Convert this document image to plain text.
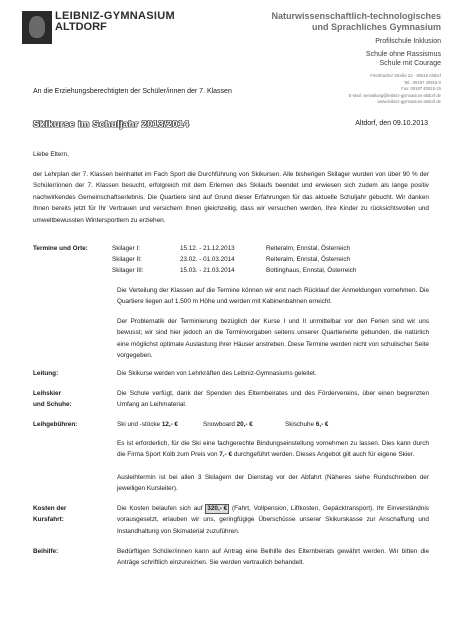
LEIBNIZ-GYMNASIUM
ALTDORF
Naturwissenschaftlich-technologisches
und Sprachliches Gymnasium
Profilschule Inklusion
Schule ohne Rassismus
Schule mit Courage
Fischbacher Straße 23 · 90518 Altdorf
Tel.: 09187 40915-0
Fax: 09187 40915-15
E-Mail: verwaltung@leibniz-gymnasium-altdorf.de
www.leibniz-gymnasium-altdorf.de
An die Erziehungsberechtigten der Schüler/innen der 7. Klassen
Skikurse im Schuljahr 2013/2014	Altdorf, den 09.10.2013
Liebe Eltern,
der Lehrplan der 7. Klassen beinhaltet im Fach Sport die Durchführung von Skikursen. Alle bisherigen Skilager wurden von über 90 % der Schüler/innen der 7. Klassen besucht, erfolgreich mit dem Erlernen des Skilaufs beendet und erwiesen sich zudem als lange positiv nachwirkendes Gemeinschaftserlebnis. Die Quartiere sind auf Grund dieser Erfahrungen für das aktuelle Schuljahr gebucht. Wir danken Ihnen bereits jetzt für Ihr Vertrauen und versichern Ihnen gleichzeitig, dass wir versuchen werden, Ihre Kinder zu rücksichtsvollen und umweltbewussten Wintersportlern zu erziehen.
Termine und Orte:	Skilager I:	15.12. - 21.12.2013	Reiteralm, Ennstal, Österreich
Skilager II:	23.02. - 01.03.2014	Reiteralm, Ennstal, Österreich
Skilager III:	15.03. - 21.03.2014	Bottinghaus, Ennstal, Österreich
Die Verteilung der Klassen auf die Termine können wir erst nach Rücklauf der Anmeldungen vornehmen. Die Quartiere liegen auf 1.500 m Höhe und werden mit Kabinenbahnen erreicht.
Der Problematik der Terminierung bezüglich der Kurse I und II unmittelbar vor den Ferien sind wir uns bewusst; wir sind hier jedoch an die Terminvorgaben seitens unserer Quartierwirte gebunden, die natürlich eine möglichst optimale Auslastung ihrer Häuser anstreben. Diese Termine werden nicht von schulischer Seite vorgegeben.
Leitung:	Die Skikurse werden von Lehrkräften des Leibniz-Gymnasiums geleitet.
Leihskier
und Schuhe:
Die Schule verfügt, dank der Spenden des Elternbeirates und des Fördervereins, über einen begrenzten Umfang an Leihmaterial.
Leihgebühren:	Ski und -stöcke 12,- €	Snowboard 20,- €	Skischuhe 6,- €
Es ist erforderlich, für die Ski eine fachgerechte Bindungseinstellung vornehmen zu lassen. Dies kann durch die Firma Sport Kolb zum Preis von 7,- € durchgeführt werden. Dieses Angebot gilt auch für eigene Skier.
Ausleihtermin ist bei allen 3 Skilagern der Dienstag vor der Abfahrt (Näheres siehe Rundschreiben der jeweiligen Kursleiter).
Kosten der
Kursfahrt:
Die Kosten belaufen sich auf 320,- € (Fahrt, Vollpension, Liftkosten, Gepäcktransport). Ihr Einverständnis vorausgesetzt, erlauben wir uns, geringfügige Überschüsse unserer Skikurskasse zur Anschaffung und Instandhaltung von Skimaterial zuzuführen.
Beihilfe:	Bedürftigen Schüler/innen kann auf Antrag eine Beihilfe des Elternbeirats gewährt werden. Wir bitten die Anträge schriftlich einzureichen. Sie werden vertraulich behandelt.
